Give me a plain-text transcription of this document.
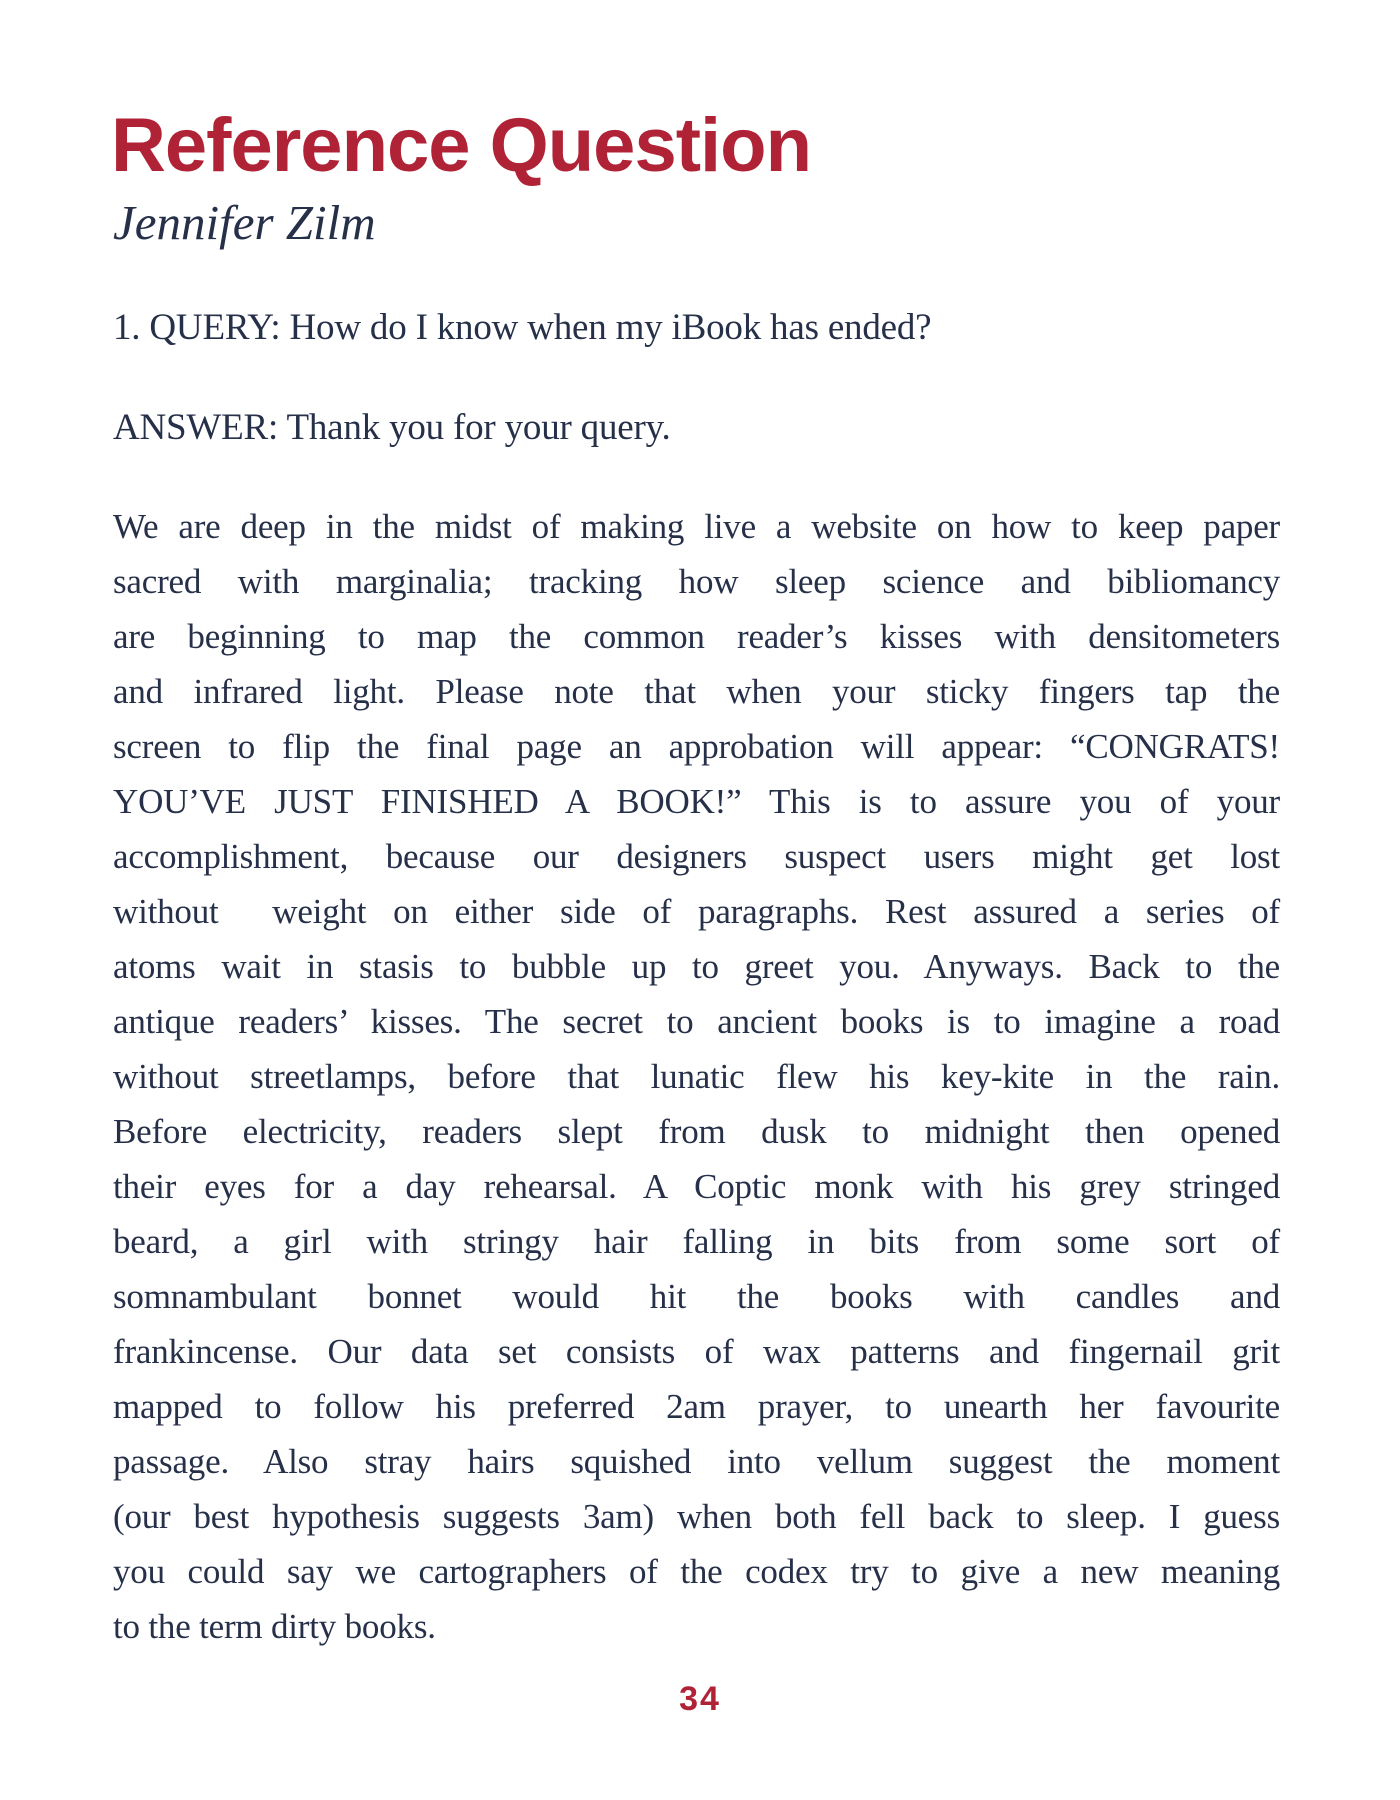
Reference Question
Jennifer Zilm
1. QUERY: How do I know when my iBook has ended?
ANSWER: Thank you for your query.
We are deep in the midst of making live a website on how to keep paper
sacred with marginalia; tracking how sleep science and bibliomancy
are beginning to map the common reader’s kisses with densitometers
and infrared light. Please note that when your sticky fingers tap the
screen to flip the final page an approbation will appear: “CONGRATS!
YOU’VE JUST FINISHED A BOOK!” This is to assure you of your
accomplishment, because our designers suspect users might get lost
without  weight on either side of paragraphs. Rest assured a series of
atoms wait in stasis to bubble up to greet you. Anyways. Back to the
antique readers’ kisses. The secret to ancient books is to imagine a road
without streetlamps, before that lunatic flew his key-kite in the rain.
Before electricity, readers slept from dusk to midnight then opened
their eyes for a day rehearsal. A Coptic monk with his grey stringed
beard, a girl with stringy hair falling in bits from some sort of
somnambulant bonnet would hit the books with candles and
frankincense. Our data set consists of wax patterns and fingernail grit
mapped to follow his preferred 2am prayer, to unearth her favourite
passage. Also stray hairs squished into vellum suggest the moment
(our best hypothesis suggests 3am) when both fell back to sleep. I guess
you could say we cartographers of the codex try to give a new meaning
to the term dirty books.
34
